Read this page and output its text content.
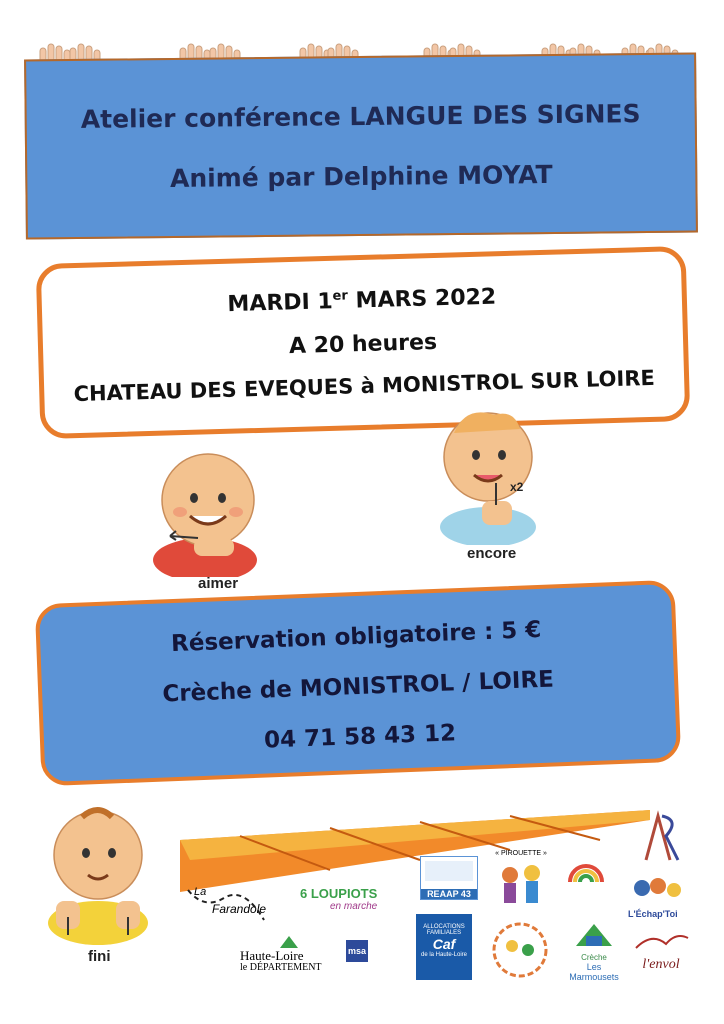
Atelier conférence LANGUE DES SIGNES
Animé par Delphine MOYAT
MARDI 1er MARS 2022
A 20 heures
CHATEAU DES EVEQUES à MONISTROL SUR LOIRE
aimer
x2
encore
Réservation obligatoire : 5 €
Crèche de MONISTROL / LOIRE
04 71 58 43 12
fini
La
Farandole
6 LOUPIOTS
en marche
REAAP 43
« PIROUETTE »
L'Échap'Toi
Haute-Loire
le DÉPARTEMENT
msa
ALLOCATIONS FAMILIALES
Caf
de la Haute-Loire	Crèche
Les Marmousets
l'envol
